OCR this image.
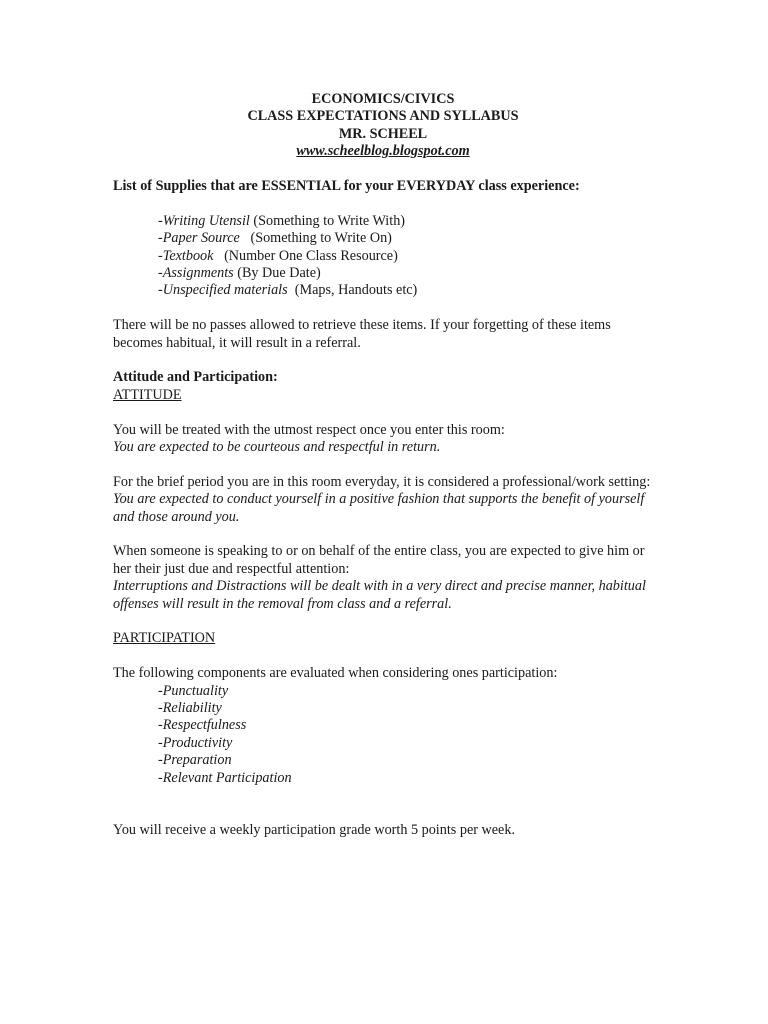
ECONOMICS/CIVICS

CLASS EXPECTATIONS AND SYLLABUS

MR. SCHEEL

www.scheelblog.blogspot.com

List of Supplies that are ESSENTIAL for your EVERYDAY class experience:

-Writing Utensil (Something to Write With)

-Paper Source   (Something to Write On)

-Textbook   (Number One Class Resource)

-Assignments (By Due Date)

-Unspecified materials  (Maps, Handouts etc)

There will be no passes allowed to retrieve these items. If your forgetting of these items becomes habitual, it will result in a referral.

Attitude and Participation:

ATTITUDE

You will be treated with the utmost respect once you enter this room:

You are expected to be courteous and respectful in return.

For the brief period you are in this room everyday, it is considered a professional/work setting:

You are expected to conduct yourself in a positive fashion that supports the benefit of yourself and those around you.

When someone is speaking to or on behalf of the entire class, you are expected to give him or her their just due and respectful attention:

Interruptions and Distractions will be dealt with in a very direct and precise manner, habitual offenses will result in the removal from class and a referral.

PARTICIPATION

The following components are evaluated when considering ones participation:

-Punctuality

-Reliability

-Respectfulness

-Productivity

-Preparation

-Relevant Participation

You will receive a weekly participation grade worth 5 points per week.
